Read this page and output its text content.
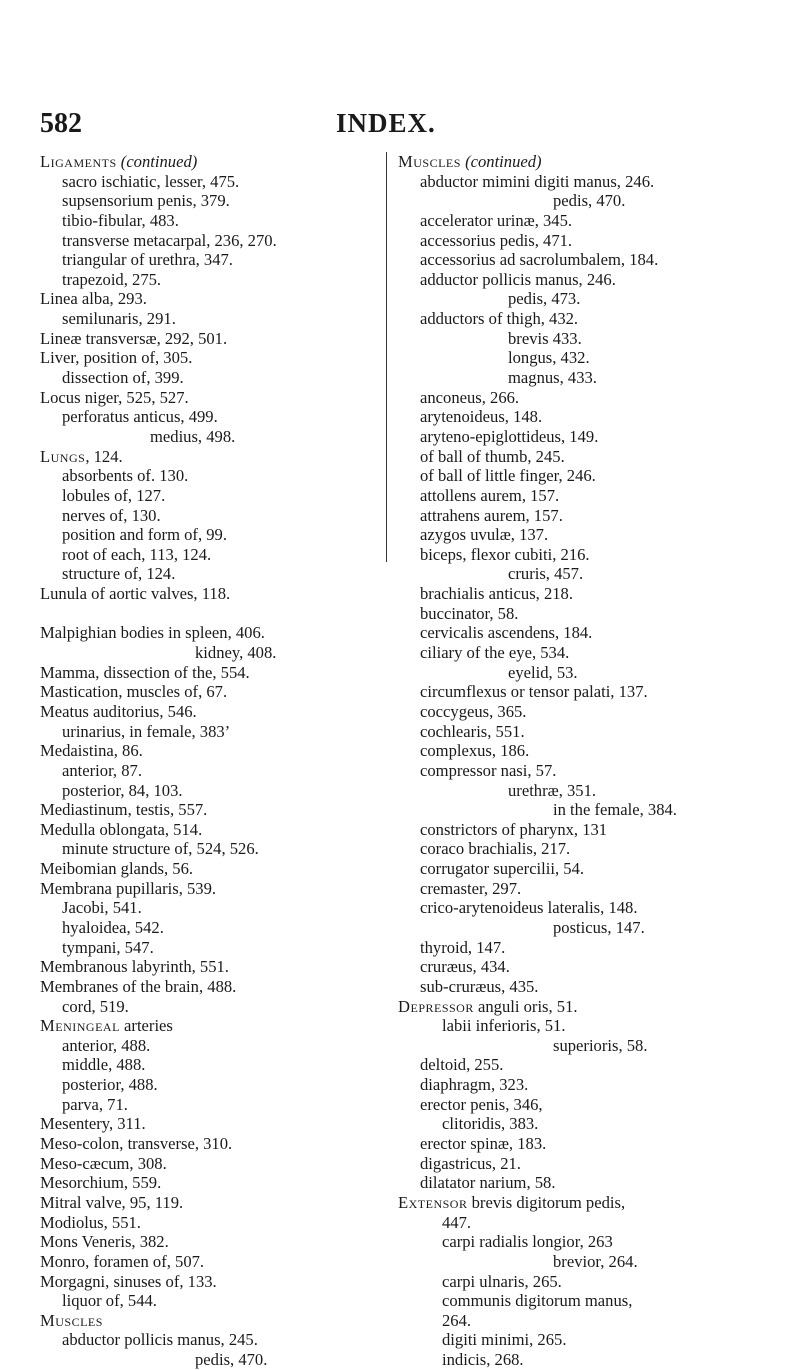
582	INDEX.
Ligaments (continued)
sacro ischiatic, lesser, 475.
supsensorium penis, 379.
tibio-fibular, 483.
transverse metacarpal, 236, 270.
triangular of urethra, 347.
trapezoid, 275.
Linea alba, 293.
semilunaris, 291.
Lineæ transversæ, 292, 501.
Liver, position of, 305.
dissection of, 399.
Locus niger, 525, 527.
perforatus anticus, 499.
medius, 498.
Lungs, 124.
absorbents of. 130.
lobules of, 127.
nerves of, 130.
position and form of, 99.
root of each, 113, 124.
structure of, 124.
Lunula of aortic valves, 118.
Malpighian bodies in spleen, 406.
kidney, 408.
Mamma, dissection of the, 554.
Mastication, muscles of, 67.
Meatus auditorius, 546.
urinarius, in female, 383’
Medaistina, 86.
anterior, 87.
posterior, 84, 103.
Mediastinum, testis, 557.
Medulla oblongata, 514.
minute structure of, 524, 526.
Meibomian glands, 56.
Membrana pupillaris, 539.
Jacobi, 541.
hyaloidea, 542.
tympani, 547.
Membranous labyrinth, 551.
Membranes of the brain, 488.
cord, 519.
Meningeal arteries
anterior, 488.
middle, 488.
posterior, 488.
parva, 71.
Mesentery, 311.
Meso-colon, transverse, 310.
Meso-cæcum, 308.
Mesorchium, 559.
Mitral valve, 95, 119.
Modiolus, 551.
Mons Veneris, 382.
Monro, foramen of, 507.
Morgagni, sinuses of, 133.
liquor of, 544.
Muscles
abductor pollicis manus, 245.
pedis, 470.
Muscles (continued)
abductor mimini digiti manus, 246.
pedis, 470.
accelerator urinæ, 345.
accessorius pedis, 471.
accessorius ad sacrolumbalem, 184.
adductor pollicis manus, 246.
pedis, 473.
adductors of thigh, 432.
brevis 433.
longus, 432.
magnus, 433.
anconeus, 266.
arytenoideus, 148.
aryteno-epiglottideus, 149.
of ball of thumb, 245.
of ball of little finger, 246.
attollens aurem, 157.
attrahens aurem, 157.
azygos uvulæ, 137.
biceps, flexor cubiti, 216.
cruris, 457.
brachialis anticus, 218.
buccinator, 58.
cervicalis ascendens, 184.
ciliary of the eye, 534.
eyelid, 53.
circumflexus or tensor palati, 137.
coccygeus, 365.
cochlearis, 551.
complexus, 186.
compressor nasi, 57.
urethræ, 351.
in the female, 384.
constrictors of pharynx, 131
coraco brachialis, 217.
corrugator supercilii, 54.
cremaster, 297.
crico-arytenoideus lateralis, 148.
posticus, 147.
thyroid, 147.
cruræus, 434.
sub-cruræus, 435.
Depressor anguli oris, 51.
labii inferioris, 51.
superioris, 58.
deltoid, 255.
diaphragm, 323.
erector penis, 346,
clitoridis, 383.
erector spinæ, 183.
digastricus, 21.
dilatator narium, 58.
Extensor brevis digitorum pedis,
447.
carpi radialis longior, 263
brevior, 264.
carpi ulnaris, 265.
communis digitorum manus,
264.
digiti minimi, 265.
indicis, 268.
